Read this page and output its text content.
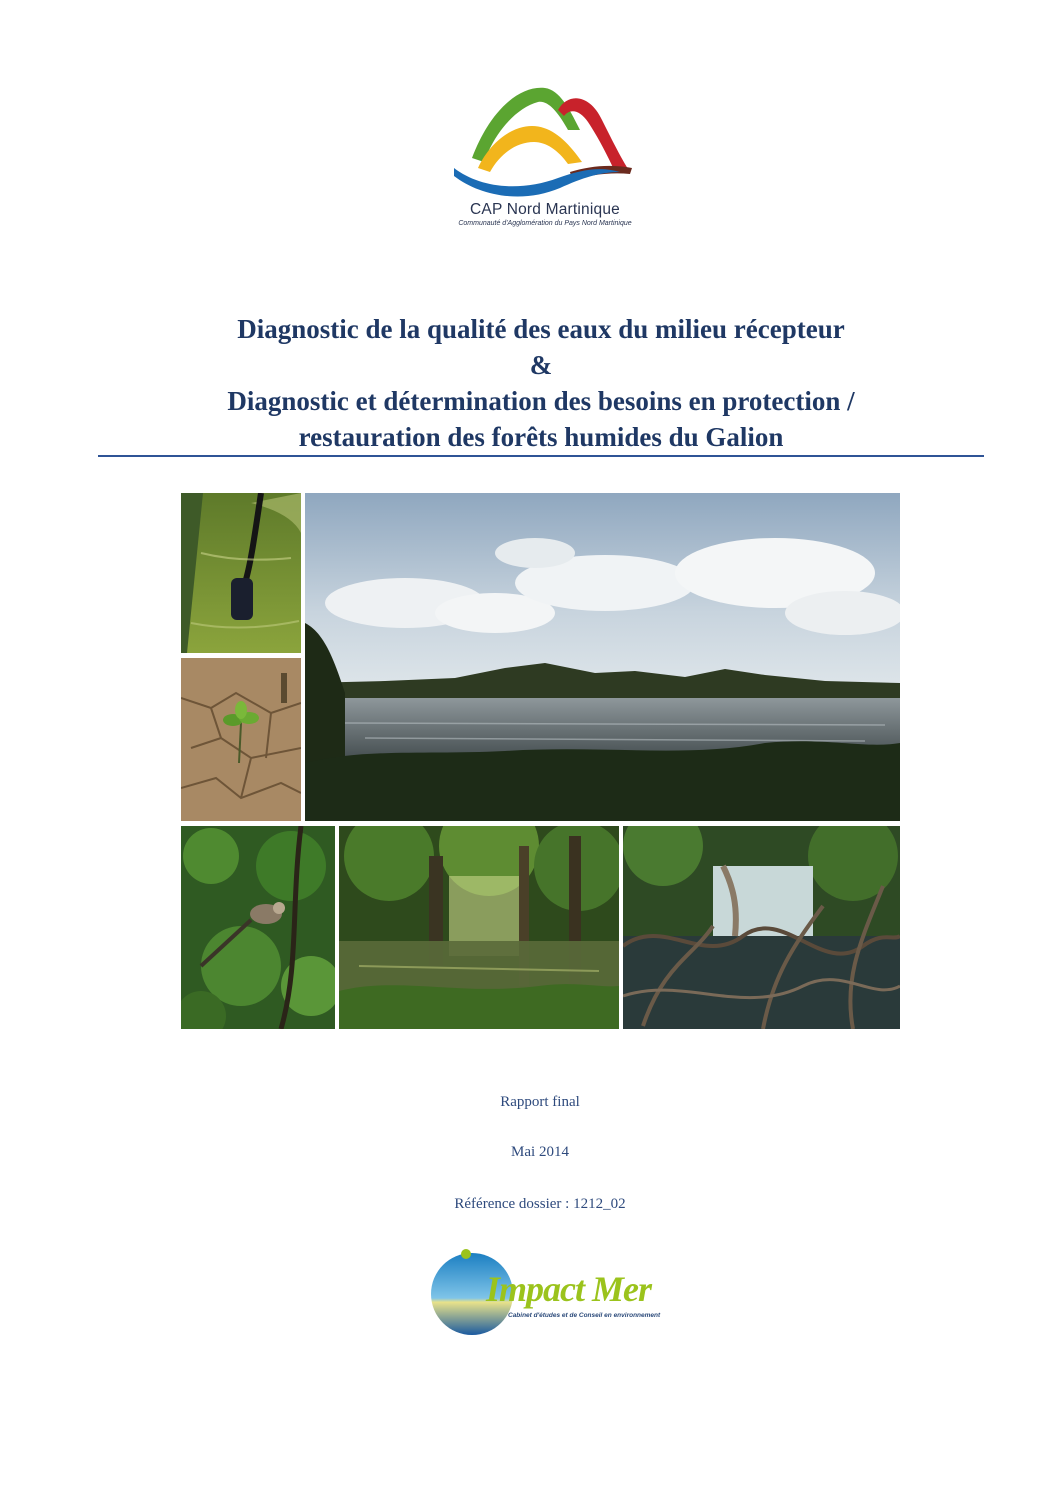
CAP Nord Martinique
Communauté d'Agglomération du Pays Nord Martinique
Diagnostic de la qualité des eaux du milieu récepteur
&
Diagnostic et détermination des besoins en protection /
restauration des forêts humides du Galion
Rapport final
Mai 2014
Référence dossier : 1212_02
Impact Mer
Cabinet d'études et de Conseil en environnement
